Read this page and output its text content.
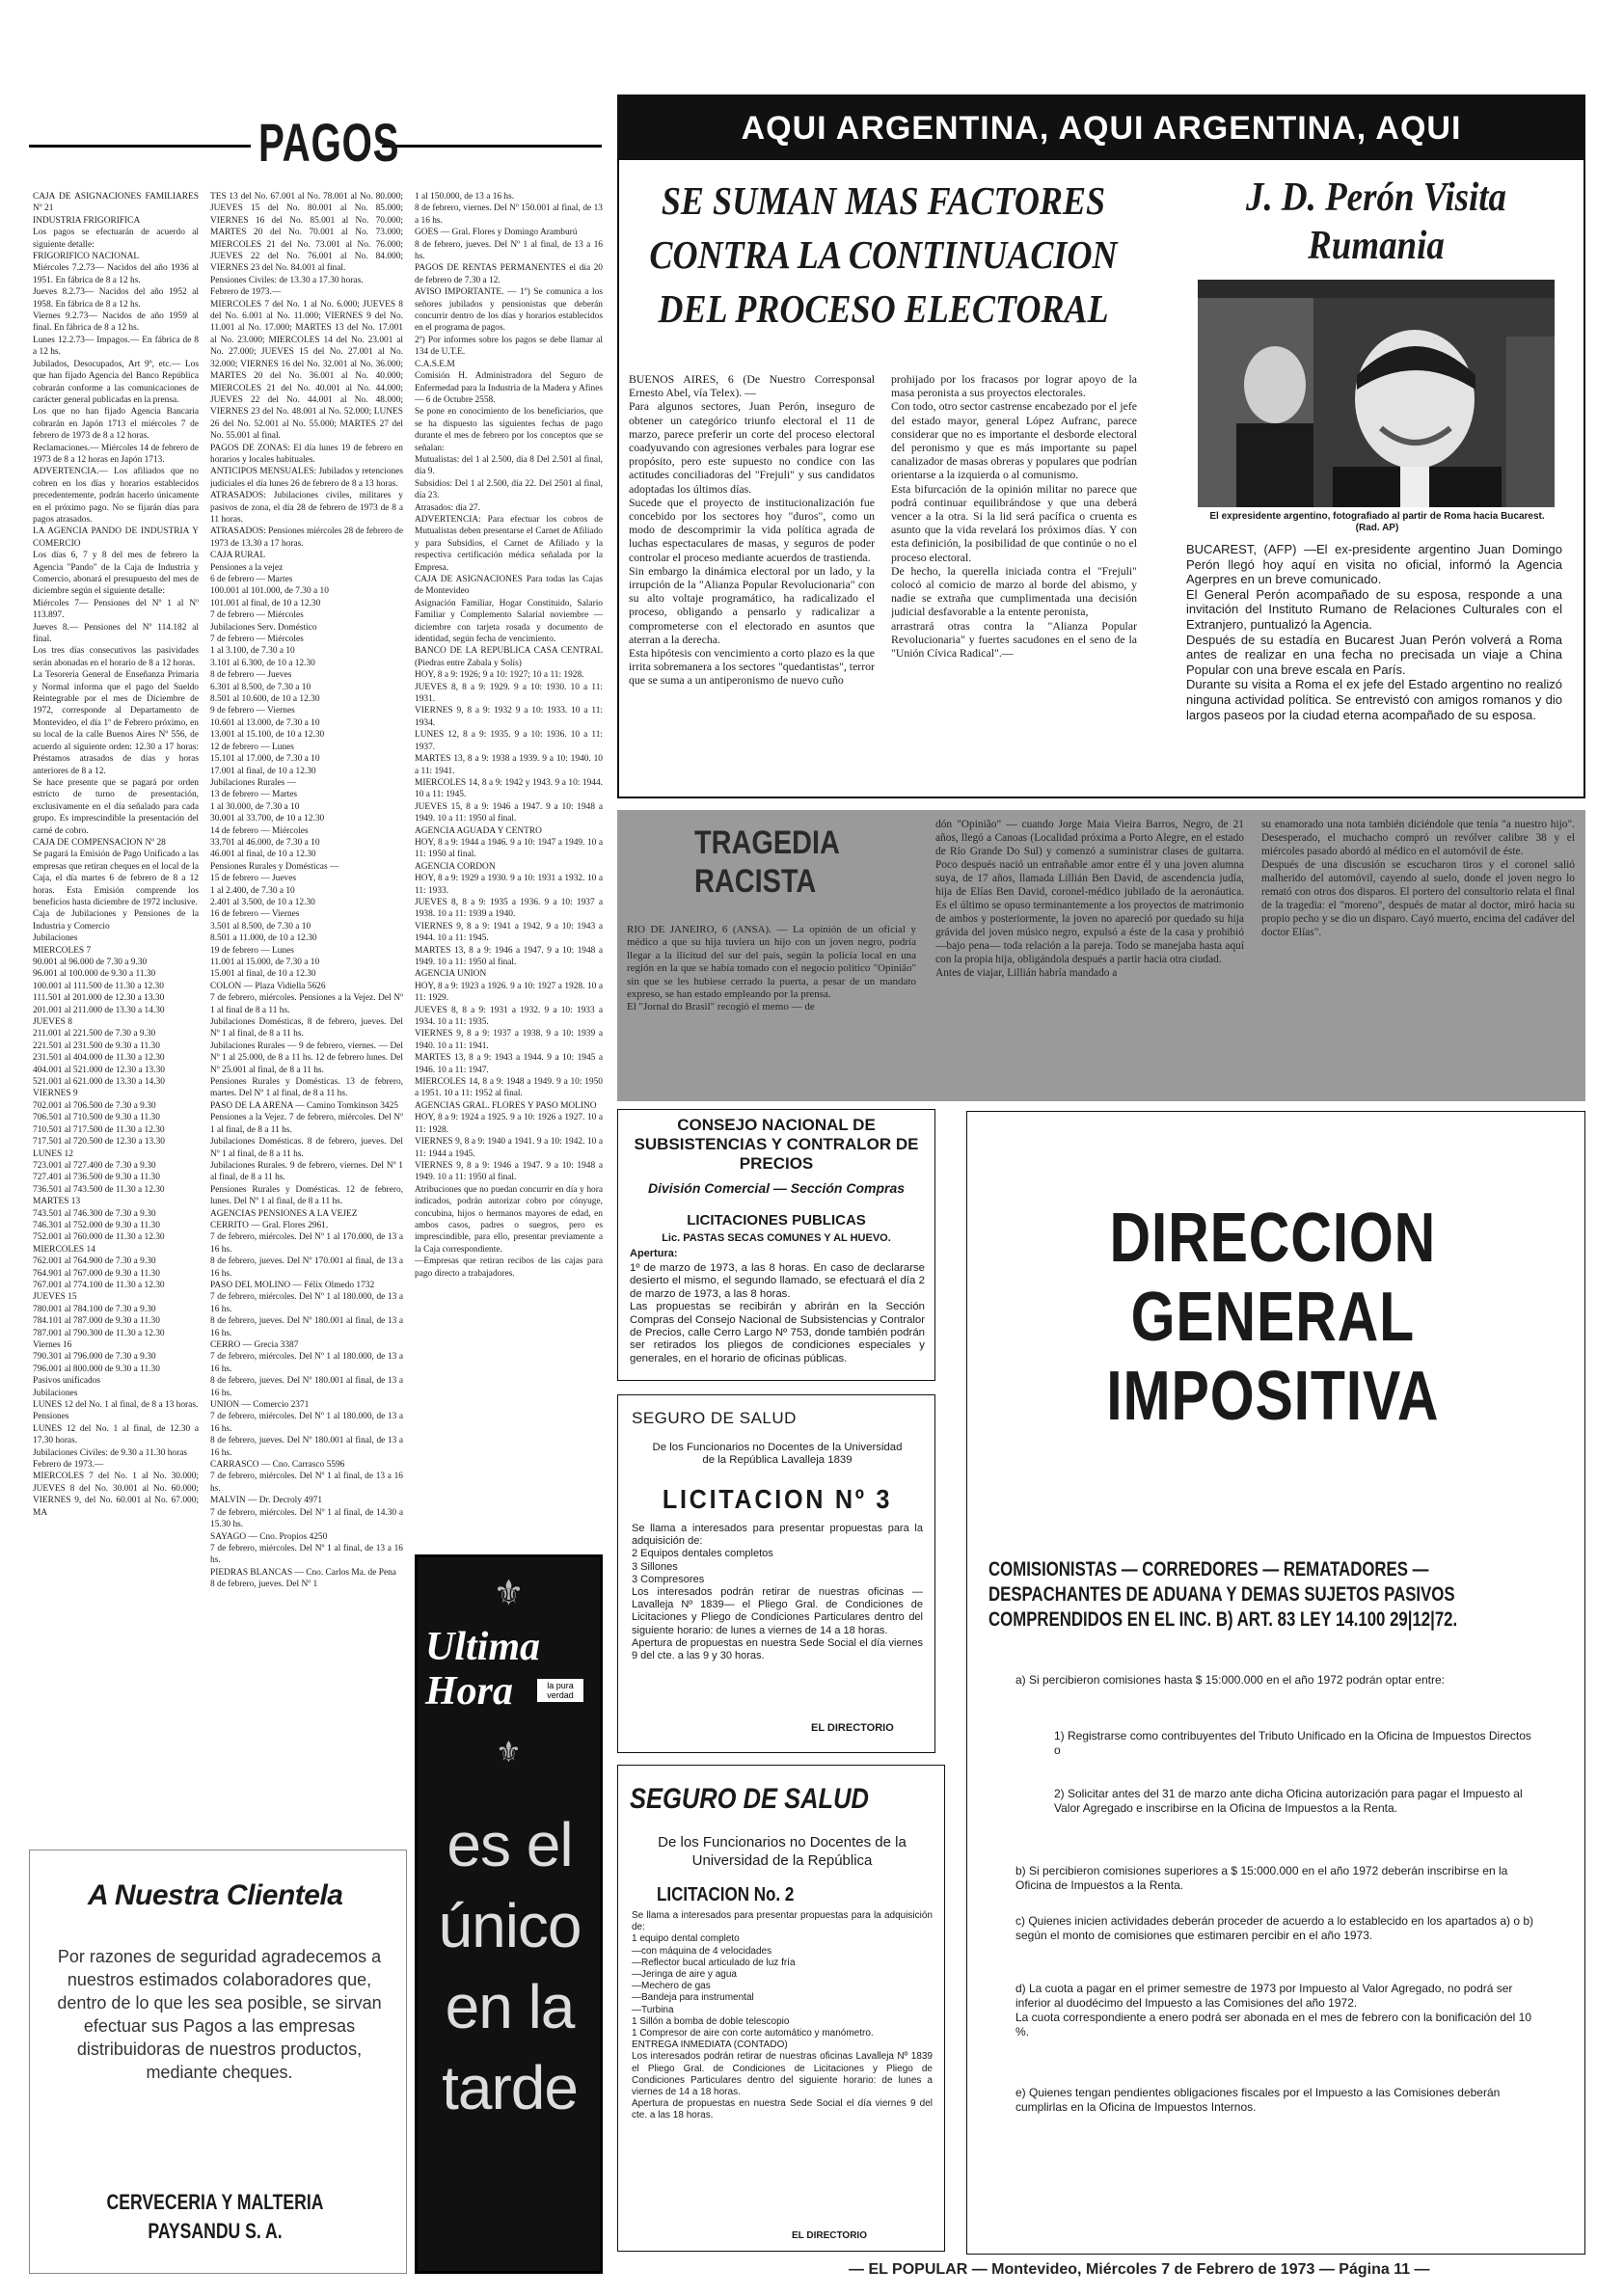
PAGOS
CAJA DE ASIGNACIONES FAMILIARES Nº 21
INDUSTRIA FRIGORIFICA
Los pagos se efectuarán de acuerdo al siguiente detalle:
FRIGORIFICO NACIONAL
Miércoles 7.2.73— Nacidos del año 1936 al 1951. En fábrica de 8 a 12 hs.
Jueves 8.2.73— Nacidos del año 1952 al 1958. En fábrica de 8 a 12 hs.
Viernes 9.2.73— Nacidos de año 1959 al final. En fábrica de 8 a 12 hs.
Lunes 12.2.73— Impagos.— En fábrica de 8 a 12 hs.
Jubilados, Desocupados, Art 9º, etc.— Los que han fijado Agencia del Banco República cobrarán conforme a las comunicaciones de carácter general publicadas en la prensa.
Los que no han fijado Agencia Bancaria cobrarán en Japón 1713 el miércoles 7 de febrero de 1973 de 8 a 12 horas.
Reclamaciones.— Miércoles 14 de febrero de 1973 de 8 a 12 horas en Japón 1713.
ADVERTENCIA.— Los afiliados que no cobren en los días y horarios establecidos precedentemente, podrán hacerlo únicamente en el próximo pago. No se fijarán días para pagos atrasados.
LA AGENCIA PANDO DE INDUSTRIA Y COMERCIO
Los días 6, 7 y 8 del mes de febrero la Agencia "Pando" de la Caja de Industria y Comercio, abonará el presupuesto del mes de diciembre según el siguiente detalle:
Miércoles 7— Pensiones del Nº 1 al Nº 113.897.
Jueves 8.— Pensiones del Nº 114.182 al final.
Los tres días consecutivos las pasividades serán abonadas en el horario de 8 a 12 horas.
La Tesorería General de Enseñanza Primaria y Normal informa que el pago del Sueldo Reintegrable por el mes de Diciembre de 1972, corresponde al Departamento de Montevideo, el día 1º de Febrero próximo, en su local de la calle Buenos Aires Nº 556, de acuerdo al siguiente orden: 12.30 a 17 horas: Préstamos atrasados de días y horas anteriores de 8 a 12.
Se hace presente que se pagará por orden estricto de turno de presentación, exclusivamente en el día señalado para cada grupo. Es imprescindible la presentación del carné de cobro.
CAJA DE COMPENSACION Nº 28
Se pagará la Emisión de Pago Unificado a las empresas que retiran cheques en el local de la Caja, el día martes 6 de febrero de 8 a 12 horas. Esta Emisión comprende los beneficios hasta diciembre de 1972 inclusive.
Caja de Jubilaciones y Pensiones de la Industria y Comercio
Jubilaciones
MIERCOLES 7
90.001 al 96.000 de 7.30 a 9.30
96.001 al 100.000 de 9.30 a 11.30
100.001 al 111.500 de 11.30 a 12.30
111.501 al 201.000 de 12.30 a 13.30
201.001 al 211.000 de 13.30 a 14.30
JUEVES 8
211.001 al 221.500 de 7.30 a 9.30
221.501 al 231.500 de 9.30 a 11.30
231.501 al 404.000 de 11.30 a 12.30
404.001 al 521.000 de 12.30 a 13.30
521.001 al 621.000 de 13.30 a 14.30
VIERNES 9
702.001 al 706.500 de 7.30 a 9.30
706.501 al 710.500 de 9.30 a 11.30
710.501 al 717.500 de 11.30 a 12.30
717.501 al 720.500 de 12.30 a 13.30
LUNES 12
723.001 al 727.400 de 7.30 a 9.30
727.401 al 736.500 de 9.30 a 11.30
736.501 al 743.500 de 11.30 a 12.30
MARTES 13
743.501 al 746.300 de 7.30 a 9.30
746.301 al 752.000 de 9.30 a 11.30
752.001 al 760.000 de 11.30 a 12.30
MIERCOLES 14
762.001 al 764.900 de 7.30 a 9.30
764.901 al 767.000 de 9.30 a 11.30
767.001 al 774.100 de 11.30 a 12.30
JUEVES 15
780.001 al 784.100 de 7.30 a 9.30
784.101 al 787.000 de 9.30 a 11.30
787.001 al 790.300 de 11.30 a 12.30
Viernes 16
790.301 al 796.000 de 7.30 a 9.30
796.001 al 800.000 de 9.30 a 11.30
Pasivos unificados
Jubilaciones
LUNES 12 del No. 1 al final, de 8 a 13 horas.
Pensiones
LUNES 12 del No. 1 al final, de 12.30 a 17.30 horas.
Jubilaciones Civiles: de 9.30 a 11.30 horas
Febrero de 1973.—
MIERCOLES 7 del No. 1 al No. 30.000; JUEVES 8 del No. 30.001 al No. 60.000; VIERNES 9, del No. 60.001 al No. 67.000; MA
TES 13 del No. 67.001 al No. 78.001 al No. 80.000; JUEVES 15 del No. 80.001 al No. 85.000; VIERNES 16 del No. 85.001 al No. 70.000; MARTES 20 del No. 70.001 al No. 73.000; MIERCOLES 21 del No. 73.001 al No. 76.000; JUEVES 22 del No. 76.001 al No. 84.000; VIERNES 23 del No. 84.001 al final.
Pensiones Civiles: de 13.30 a 17.30 horas.
Febrero de 1973.—
MIERCOLES 7 del No. 1 al No. 6.000; JUEVES 8 del No. 6.001 al No. 11.000; VIERNES 9 del No. 11.001 al No. 17.000; MARTES 13 del No. 17.001 al No. 23.000; MIERCOLES 14 del No. 23.001 al No. 27.000; JUEVES 15 del No. 27.001 al No. 32.000; VIERNES 16 del No. 32.001 al No. 36.000; MARTES 20 del No. 36.001 al No. 40.000; MIERCOLES 21 del No. 40.001 al No. 44.000; JUEVES 22 del No. 44.001 al No. 48.000; VIERNES 23 del No. 48.001 al No. 52.000; LUNES 26 del No. 52.001 al No. 55.000; MARTES 27 del No. 55.001 al final.
PAGOS DE ZONAS: El día lunes 19 de febrero en horarios y locales habituales.
ANTICIPOS MENSUALES: Jubilados y retenciones judiciales el día lunes 26 de febrero de 8 a 13 horas.
ATRASADOS: Jubilaciones civiles, militares y pasivos de zona, el día 28 de febrero de 1973 de 8 a 11 horas.
ATRASADOS: Pensiones miércoles 28 de febrero de 1973 de 13.30 a 17 horas.
CAJA RURAL
Pensiones a la vejez
6 de febrero — Martes
100.001 al 101.000, de 7.30 a 10
101.001 al final, de 10 a 12.30
7 de febrero — Miércoles
Jubilaciones Serv. Doméstico
7 de febrero — Miércoles
1 al 3.100, de 7.30 a 10
3.101 al 6.300, de 10 a 12.30
8 de febrero — Jueves
6.301 al 8.500, de 7.30 a 10
8.501 al 10.600, de 10 a 12.30
9 de febrero — Viernes
10.601 al 13.000, de 7.30 a 10
13.001 al 15.100, de 10 a 12.30
12 de febrero — Lunes
15.101 al 17.000, de 7.30 a 10
17.001 al final, de 10 a 12.30
Jubilaciones Rurales —
13 de febrero — Martes
1 al 30.000, de 7.30 a 10
30.001 al 33.700, de 10 a 12.30
14 de febrero — Miércoles
33.701 al 46.000, de 7.30 a 10
46.001 al final, de 10 a 12.30
Pensiones Rurales y Domésticas —
15 de febrero — Jueves
1 al 2.400, de 7.30 a 10
2.401 al 3.500, de 10 a 12.30
16 de febrero — Viernes
3.501 al 8.500, de 7.30 a 10
8.501 a 11.000, de 10 a 12.30
19 de febrero — Lunes
11.001 al 15.000, de 7.30 a 10
15.001 al final, de 10 a 12.30
COLON — Plaza Vidiella 5626
7 de febrero, miércoles. Pensiones a la Vejez. Del Nº 1 al final de 8 a 11 hs.
Jubilaciones Domésticas, 8 de febrero, jueves. Del Nº 1 al final, de 8 a 11 hs.
Jubilaciones Rurales — 9 de febrero, viernes. — Del Nº 1 al 25.000, de 8 a 11 hs. 12 de febrero lunes. Del Nº 25.001 al final, de 8 a 11 hs.
Pensiones Rurales y Domésticas. 13 de febrero, martes. Del Nº 1 al final, de 8 a 11 hs.
PASO DE LA ARENA — Camino Tomkinson 3425
Pensiones a la Vejez. 7 de febrero, miércoles. Del Nº 1 al final, de 8 a 11 hs.
Jubilaciones Domésticas. 8 de febrero, jueves. Del Nº 1 al final, de 8 a 11 hs.
Jubilaciones Rurales. 9 de febrero, viernes. Del Nº 1 al final, de 8 a 11 hs.
Pensiones Rurales y Domésticas. 12 de febrero, lunes. Del Nº 1 al final, de 8 a 11 hs.
AGENCIAS PENSIONES A LA VEJEZ
CERRITO — Gral. Flores 2961.
7 de febrero, miércoles. Del Nº 1 al 170.000, de 13 a 16 hs.
8 de febrero, jueves. Del Nº 170.001 al final, de 13 a 16 hs.
PASO DEL MOLINO — Félix Olmedo 1732
7 de febrero, miércoles. Del Nº 1 al 180.000, de 13 a 16 hs.
8 de febrero, jueves. Del Nº 180.001 al final, de 13 a 16 hs.
CERRO — Grecia 3387
7 de febrero, miércoles. Del Nº 1 al 180.000, de 13 a 16 hs.
8 de febrero, jueves. Del Nº 180.001 al final, de 13 a 16 hs.
UNION — Comercio 2371
7 de febrero, miércoles. Del Nº 1 al 180.000, de 13 a 16 hs.
8 de febrero, jueves. Del Nº 180.001 al final, de 13 a 16 hs.
CARRASCO — Cno. Carrasco 5596
7 de febrero, miércoles. Del Nº 1 al final, de 13 a 16 hs.
MALVIN — Dr. Decroly 4971
7 de febrero, miércoles. Del Nº 1 al final, de 14.30 a 15.30 hs.
SAYAGO — Cno. Propios 4250
7 de febrero, miércoles. Del Nº 1 al final, de 13 a 16 hs.
PIEDRAS BLANCAS — Cno. Carlos Ma. de Pena
8 de febrero, jueves. Del Nº 1
1 al 150.000, de 13 a 16 hs.
8 de febrero, viernes. Del Nº 150.001 al final, de 13 a 16 hs.
GOES — Gral. Flores y Domingo Aramburú
8 de febrero, jueves. Del Nº 1 al final, de 13 a 16 hs.
PAGOS DE RENTAS PERMANENTES el día 20 de febrero de 7.30 a 12.
AVISO IMPORTANTE. — 1º) Se comunica a los señores jubilados y pensionistas que deberán concurrir dentro de los días y horarios establecidos en el programa de pagos.
2º) Por informes sobre los pagos se debe llamar al 134 de U.T.E.
C.A.S.E.M
Comisión H. Administradora del Seguro de Enfermedad para la Industria de la Madera y Afines — 6 de Octubre 2558.
Se pone en conocimiento de los beneficiarios, que se ha dispuesto las siguientes fechas de pago durante el mes de febrero por los conceptos que se señalan:
Mutualistas: del 1 al 2.500, día 8 Del 2.501 al final, día 9.
Subsidios: Del 1 al 2.500, día 22. Del 2501 al final, día 23.
Atrasados: día 27.
ADVERTENCIA: Para efectuar los cobros de Mutualistas deben presentarse el Carnet de Afiliado y para Subsidios, el Carnet de Afiliado y la respectiva certificación médica señalada por la Empresa.
CAJA DE ASIGNACIONES Para todas las Cajas de Montevideo
Asignación Familiar, Hogar Constituido, Salario Familiar y Complemento Salarial noviembre — diciembre con tarjeta rosada y documento de identidad, según fecha de vencimiento.
BANCO DE LA REPUBLICA CASA CENTRAL (Piedras entre Zabala y Solís)
HOY, 8 a 9: 1926; 9 a 10: 1927; 10 a 11: 1928.
JUEVES 8, 8 a 9: 1929. 9 a 10: 1930. 10 a 11: 1931.
VIERNES 9, 8 a 9: 1932 9 a 10: 1933. 10 a 11: 1934.
LUNES 12, 8 a 9: 1935. 9 a 10: 1936. 10 a 11: 1937.
MARTES 13, 8 a 9: 1938 a 1939. 9 a 10: 1940. 10 a 11: 1941.
MIERCOLES 14, 8 a 9: 1942 y 1943. 9 a 10: 1944. 10 a 11: 1945.
JUEVES 15, 8 a 9: 1946 a 1947. 9 a 10: 1948 a 1949. 10 a 11: 1950 al final.
AGENCIA AGUADA Y CENTRO
HOY, 8 a 9: 1944 a 1946. 9 a 10: 1947 a 1949. 10 a 11: 1950 al final.
AGENCIA CORDON
HOY, 8 a 9: 1929 a 1930. 9 a 10: 1931 a 1932. 10 a 11: 1933.
JUEVES 8, 8 a 9: 1935 a 1936. 9 a 10: 1937 a 1938. 10 a 11: 1939 a 1940.
VIERNES 9, 8 a 9: 1941 a 1942. 9 a 10: 1943 a 1944. 10 a 11: 1945.
MARTES 13, 8 a 9: 1946 a 1947. 9 a 10: 1948 a 1949. 10 a 11: 1950 al final.
AGENCIA UNION
HOY, 8 a 9: 1923 a 1926. 9 a 10: 1927 a 1928. 10 a 11: 1929.
JUEVES 8, 8 a 9: 1931 a 1932. 9 a 10: 1933 a 1934. 10 a 11: 1935.
VIERNES 9, 8 a 9: 1937 a 1938. 9 a 10: 1939 a 1940. 10 a 11: 1941.
MARTES 13, 8 a 9: 1943 a 1944. 9 a 10: 1945 a 1946. 10 a 11: 1947.
MIERCOLES 14, 8 a 9: 1948 a 1949. 9 a 10: 1950 a 1951. 10 a 11: 1952 al final.
AGENCIAS GRAL. FLORES Y PASO MOLINO
HOY, 8 a 9: 1924 a 1925. 9 a 10: 1926 a 1927. 10 a 11: 1928.
VIERNES 9, 8 a 9: 1940 a 1941. 9 a 10: 1942. 10 a 11: 1944 a 1945.
VIERNES 9, 8 a 9: 1946 a 1947. 9 a 10: 1948 a 1949. 10 a 11: 1950 al final.
Atribuciones que no puedan concurrir en día y hora indicados, podrán autorizar cobro por cónyuge, concubina, hijos o hermanos mayores de edad, en ambos casos, padres o suegros, pero es imprescindible, para ello, presentar previamente a la Caja correspondiente.
—Empresas que retiran recibos de las cajas para pago directo a trabajadores.

A Nuestra Clientela

Por razones de seguridad agradecemos a nuestros estimados colaboradores que, dentro de lo que les sea posible, se sirvan efectuar sus Pagos a las empresas distribuidoras de nuestros productos, mediante cheques.

CERVECERIA Y MALTERIA PAYSANDU S. A.

⚜

Ultima

Hora	la pura verdad

⚜

es el único en la tarde

AQUI ARGENTINA, AQUI ARGENTINA, AQUI

SE SUMAN MAS FACTORES CONTRA LA CONTINUACION DEL PROCESO ELECTORAL

BUENOS AIRES, 6 (De Nuestro Corresponsal Ernesto Abel, vía Telex). —
Para algunos sectores, Juan Perón, inseguro de obtener un categórico triunfo electoral el 11 de marzo, parece preferir un corte del proceso electoral coadyuvando con agresiones verbales para lograr ese propósito, pero este supuesto no condice con las actitudes conciliadoras del "Frejuli" y sus candidatos adoptadas los últimos días.
Sucede que el proyecto de institucionalización fue concebido por los sectores hoy "duros", como un modo de descomprimir la vida política agrada de luchas espectaculares de masas, y seguros de poder controlar el proceso mediante acuerdos de trastienda.
Sin embargo la dinámica electoral por un lado, y la irrupción de la "Alianza Popular Revolucionaria" con su alto voltaje programático, ha radicalizado el proceso, obligando a pensarlo y radicalizar a comprometerse con el electorado en asuntos que aterran a la derecha.
Esta hipótesis con vencimiento a corto plazo es la que irrita sobremanera a los sectores "quedantistas", terror que se suma a un antiperonismo de nuevo cuño

prohijado por los fracasos por lograr apoyo de la masa peronista a sus proyectos electorales.
Con todo, otro sector castrense encabezado por el jefe del estado mayor, general López Aufranc, parece considerar que no es importante el desborde electoral del peronismo y que es más importante su papel canalizador de masas obreras y populares que podrían orientarse a la izquierda o al comunismo.
Esta bifurcación de la opinión militar no parece que podrá continuar equilibrándose y que una deberá vencer a la otra. Si la lid será pacífica o cruenta es asunto que la vida revelará los próximos días. Y con esta definición, la posibilidad de que continúe o no el proceso electoral.
De hecho, la querella iniciada contra el "Frejuli" colocó al comicio de marzo al borde del abismo, y nadie se extraña que cumplimentada una decisión judicial desfavorable a la entente peronista,
arrastrará otras contra la "Alianza Popular Revolucionaria" y fuertes sacudones en el seno de la "Unión Cívica Radical".—

J. D. Perón Visita Rumania

El expresidente argentino, fotografiado al partir de Roma hacia Bucarest. (Rad. AP)

BUCAREST, (AFP) —El ex-presidente argentino Juan Domingo Perón llegó hoy aquí en visita no oficial, informó la Agencia Agerpres en un breve comunicado.
El General Perón acompañado de su esposa, responde a una invitación del Instituto Rumano de Relaciones Culturales con el Extranjero, puntualizó la Agencia.
Después de su estadía en Bucarest Juan Perón volverá a Roma antes de realizar en una fecha no precisada un viaje a China Popular con una breve escala en París.
Durante su visita a Roma el ex jefe del Estado argentino no realizó ninguna actividad política. Se entrevistó con amigos romanos y dio largos paseos por la ciudad eterna acompañado de su esposa.

TRAGEDIA RACISTA

RIO DE JANEIRO, 6 (ANSA). — La opinión de un oficial y médico a que su hija tuviera un hijo con un joven negro, podría llegar a la ilicitud del sur del país, según la policía local en una región en la que se había tomado con el negocio político "Opinião" sin que se les hubiese cerrado la puerta, a pesar de un mandato expreso, se han estado empleando por la prensa.
El "Jornal do Brasil" recogió el memo — de

dón "Opinião" — cuando Jorge Maia Vieira Barros, Negro, de 21 años, llegó a Canoas (Localidad próxima a Porto Alegre, en el estado de Río Grande Do Sul) y comenzó a suministrar clases de guitarra. Poco después nació un entrañable amor entre él y una joven alumna suya, de 17 años, llamada Lillián Ben David, de ascendencia judía, hija de Elías Ben David, coronel-médico jubilado de la aeronáutica. Es el último se opuso terminantemente a los proyectos de matrimonio de ambos y posteriormente, la joven no apareció por quedado su hija grávida del joven músico negro, expulsó a éste de la casa y prohibió —bajo pena— toda relación a la pareja. Todo se manejaba hasta aquí con la propia hija, obligándola después a partir hacia otra ciudad.
Antes de viajar, Lillián habría mandado a

su enamorado una nota también diciéndole que tenía "a nuestro hijo". Desesperado, el muchacho compró un revólver calibre 38 y el miércoles pasado abordó al médico en el automóvil de éste.
Después de una discusión se escucharon tiros y el coronel salió malherido del automóvil, cayendo al suelo, donde el joven negro lo remató con otros dos disparos. El portero del consultorio relata el final de la tragedia: el "moreno", después de matar al doctor, miró hacia su propio pecho y se dio un disparo. Cayó muerto, encima del cadáver del doctor Elías".

CONSEJO NACIONAL DE SUBSISTENCIAS Y CONTRALOR DE PRECIOS

División Comercial — Sección Compras

LICITACIONES PUBLICAS

Lic. PASTAS SECAS COMUNES Y AL HUEVO.

Apertura:

1º de marzo de 1973, a las 8 horas. En caso de declararse desierto el mismo, el segundo llamado, se efectuará el día 2 de marzo de 1973, a las 8 horas.
Las propuestas se recibirán y abrirán en la Sección Compras del Consejo Nacional de Subsistencias y Contralor de Precios, calle Cerro Largo Nº 753, donde también podrán ser retirados los pliegos de condiciones especiales y generales, en el horario de oficinas públicas.

SEGURO DE SALUD

De los Funcionarios no Docentes de la Universidad de la República Lavalleja 1839

LICITACION Nº 3

Se llama a interesados para presentar propuestas para la adquisición de:
2 Equipos dentales completos
3 Sillones
3 Compresores
Los interesados podrán retirar de nuestras oficinas —Lavalleja Nº 1839— el Pliego Gral. de Condiciones de Licitaciones y Pliego de Condiciones Particulares dentro del siguiente horario: de lunes a viernes de 14 a 18 horas.
Apertura de propuestas en nuestra Sede Social el día viernes 9 del cte. a las 9 y 30 horas.

EL DIRECTORIO

SEGURO DE SALUD

De los Funcionarios no Docentes de la Universidad de la República

LICITACION No. 2

Se llama a interesados para presentar propuestas para la adquisición de:
1 equipo dental completo
—con máquina de 4 velocidades
—Reflector bucal articulado de luz fría
—Jeringa de aire y agua
—Mechero de gas
—Bandeja para instrumental
—Turbina
1 Sillón a bomba de doble telescopio
1 Compresor de aire con corte automático y manómetro.
ENTREGA INMEDIATA (CONTADO)
Los interesados podrán retirar de nuestras oficinas Lavalleja Nº 1839 el Pliego Gral. de Condiciones de Licitaciones y Pliego de Condiciones Particulares dentro del siguiente horario: de lunes a viernes de 14 a 18 horas.
Apertura de propuestas en nuestra Sede Social el día viernes 9 del cte. a las 18 horas.

EL DIRECTORIO

DIRECCION GENERAL IMPOSITIVA

COMISIONISTAS — CORREDORES — REMATADORES — DESPACHANTES DE ADUANA Y DEMAS SUJETOS PASIVOS COMPRENDIDOS EN EL INC. B) ART. 83 LEY 14.100 29|12|72.

a) Si percibieron comisiones hasta $ 15:000.000 en el año 1972 podrán optar entre:

1) Registrarse como contribuyentes del Tributo Unificado en la Oficina de Impuestos Directos o

2) Solicitar antes del 31 de marzo ante dicha Oficina autorización para pagar el Impuesto al Valor Agregado e inscribirse en la Oficina de Impuestos a la Renta.

b) Si percibieron comisiones superiores a $ 15:000.000 en el año 1972 deberán inscribirse en la Oficina de Impuestos a la Renta.

c) Quienes inicien actividades deberán proceder de acuerdo a lo establecido en los apartados a) o b) según el monto de comisiones que estimaren percibir en el año 1973.

d) La cuota a pagar en el primer semestre de 1973 por Impuesto al Valor Agregado, no podrá ser inferior al duodécimo del Impuesto a las Comisiones del año 1972.
La cuota correspondiente a enero podrá ser abonada en el mes de febrero con la bonificación del 10 %.

e) Quienes tengan pendientes obligaciones fiscales por el Impuesto a las Comisiones deberán cumplirlas en la Oficina de Impuestos Internos.

— EL POPULAR — Montevideo, Miércoles 7 de Febrero de 1973 — Página 11 —
